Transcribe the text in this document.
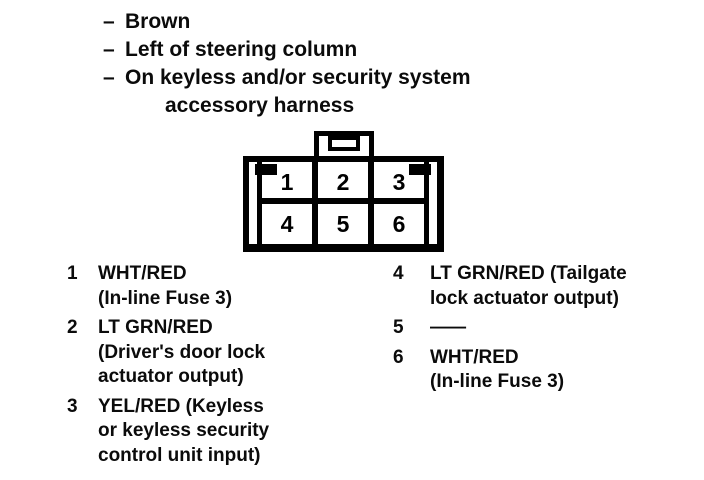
– Brown
– Left of steering column
– On keyless and/or security system
accessory harness
1 2 3
4 5 6
1	WHT/RED
(In-line Fuse 3)
2	LT GRN/RED
(Driver's door lock
actuator output)
3	YEL/RED (Keyless
or keyless security
control unit input)
4	LT GRN/RED (Tailgate
lock actuator output)
5	—
6	WHT/RED
(In-line Fuse 3)
